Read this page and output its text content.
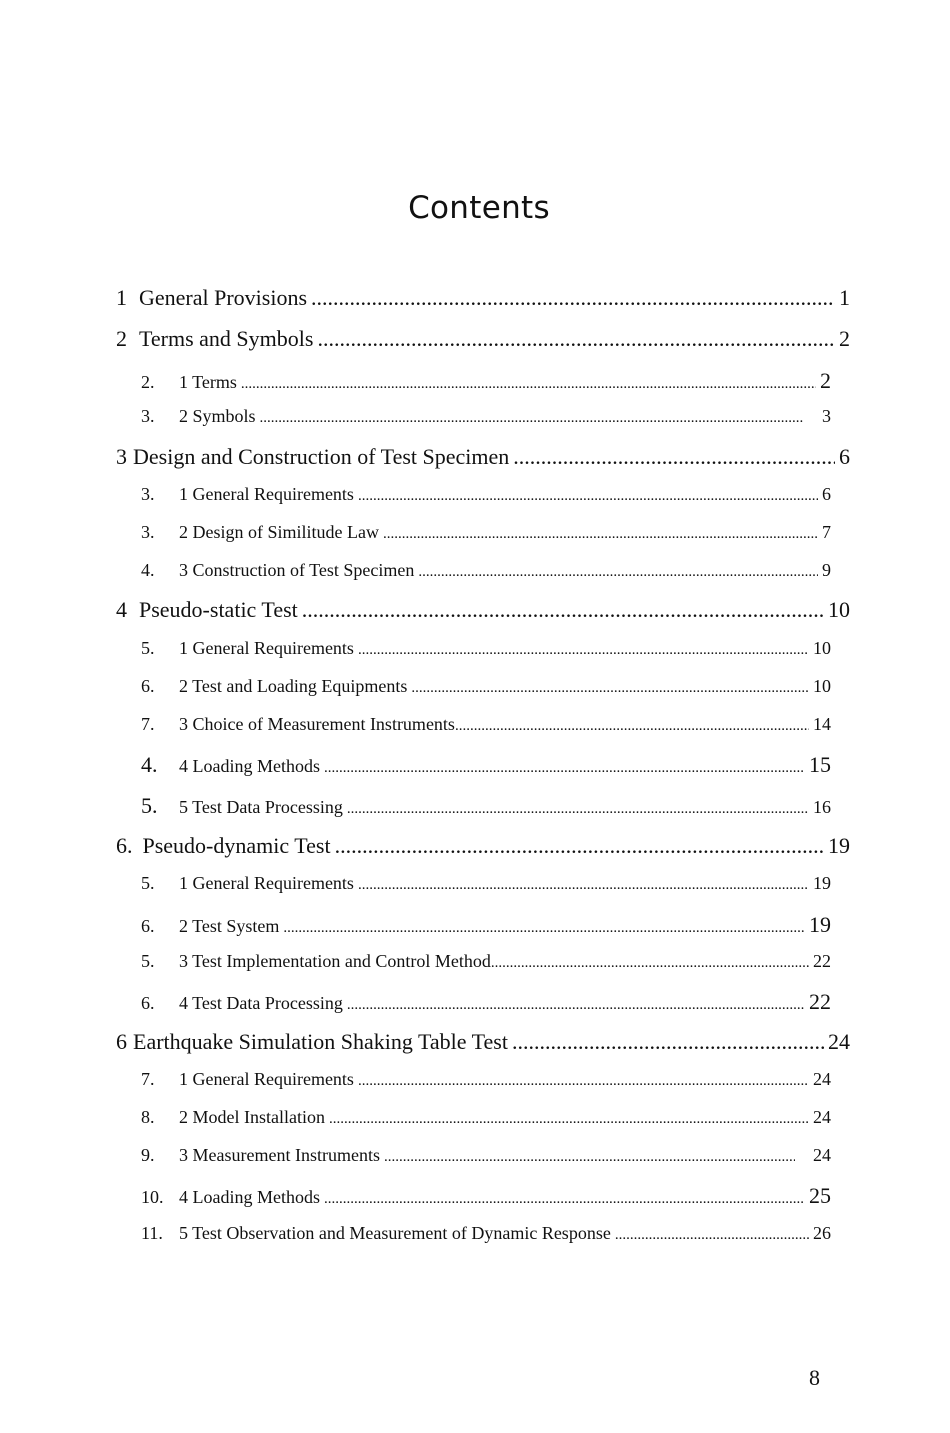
Contents
1 General Provisions .....	1
2 Terms and Symbols .....	2
2.	1 Terms .....	2
3.	2 Symbols .....	3
3 Design and Construction of Test Specimen .....	6
3.	1 General Requirements .....	6
3.	2 Design of Similitude Law .....	7
4.	3 Construction of Test Specimen .....	9
4 Pseudo-static Test .....	10
5.	1 General Requirements .....	10
6.	2 Test and Loading Equipments .....	10
7.	3 Choice of Measurement Instruments .....	14
4.	4 Loading Methods .....	15
5.	5 Test Data Processing .....	16
6. Pseudo-dynamic Test .....	19
5.	1 General Requirements .....	19
6.	2 Test System .....	19
5.	3 Test Implementation and Control Method .....	22
6.	4 Test Data Processing .....	22
6 Earthquake Simulation Shaking Table Test .....	24
7.	1 General Requirements .....	24
8.	2 Model Installation .....	24
9.	3 Measurement Instruments .....	24
10. 4 Loading Methods .....	25
11. 5 Test Observation and Measurement of Dynamic Response .....	26
8
